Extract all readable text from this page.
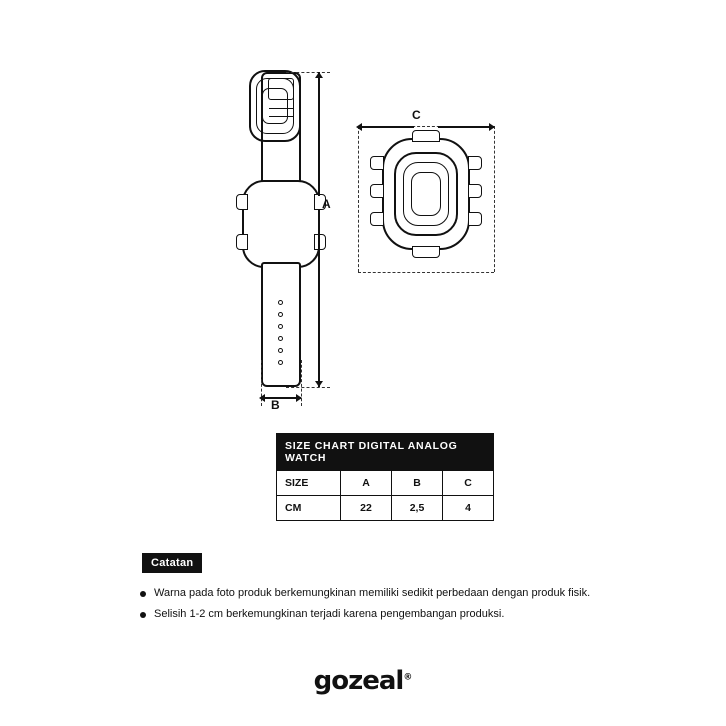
A
B
C
SIZE CHART DIGITAL ANALOG WATCH			
SIZE	A	B	C
CM	22	2,5	4
Catatan
Warna pada foto produk berkemungkinan memiliki sedikit perbedaan dengan produk fisik.
Selisih 1-2 cm berkemungkinan terjadi karena pengembangan produksi.
gozeal®
